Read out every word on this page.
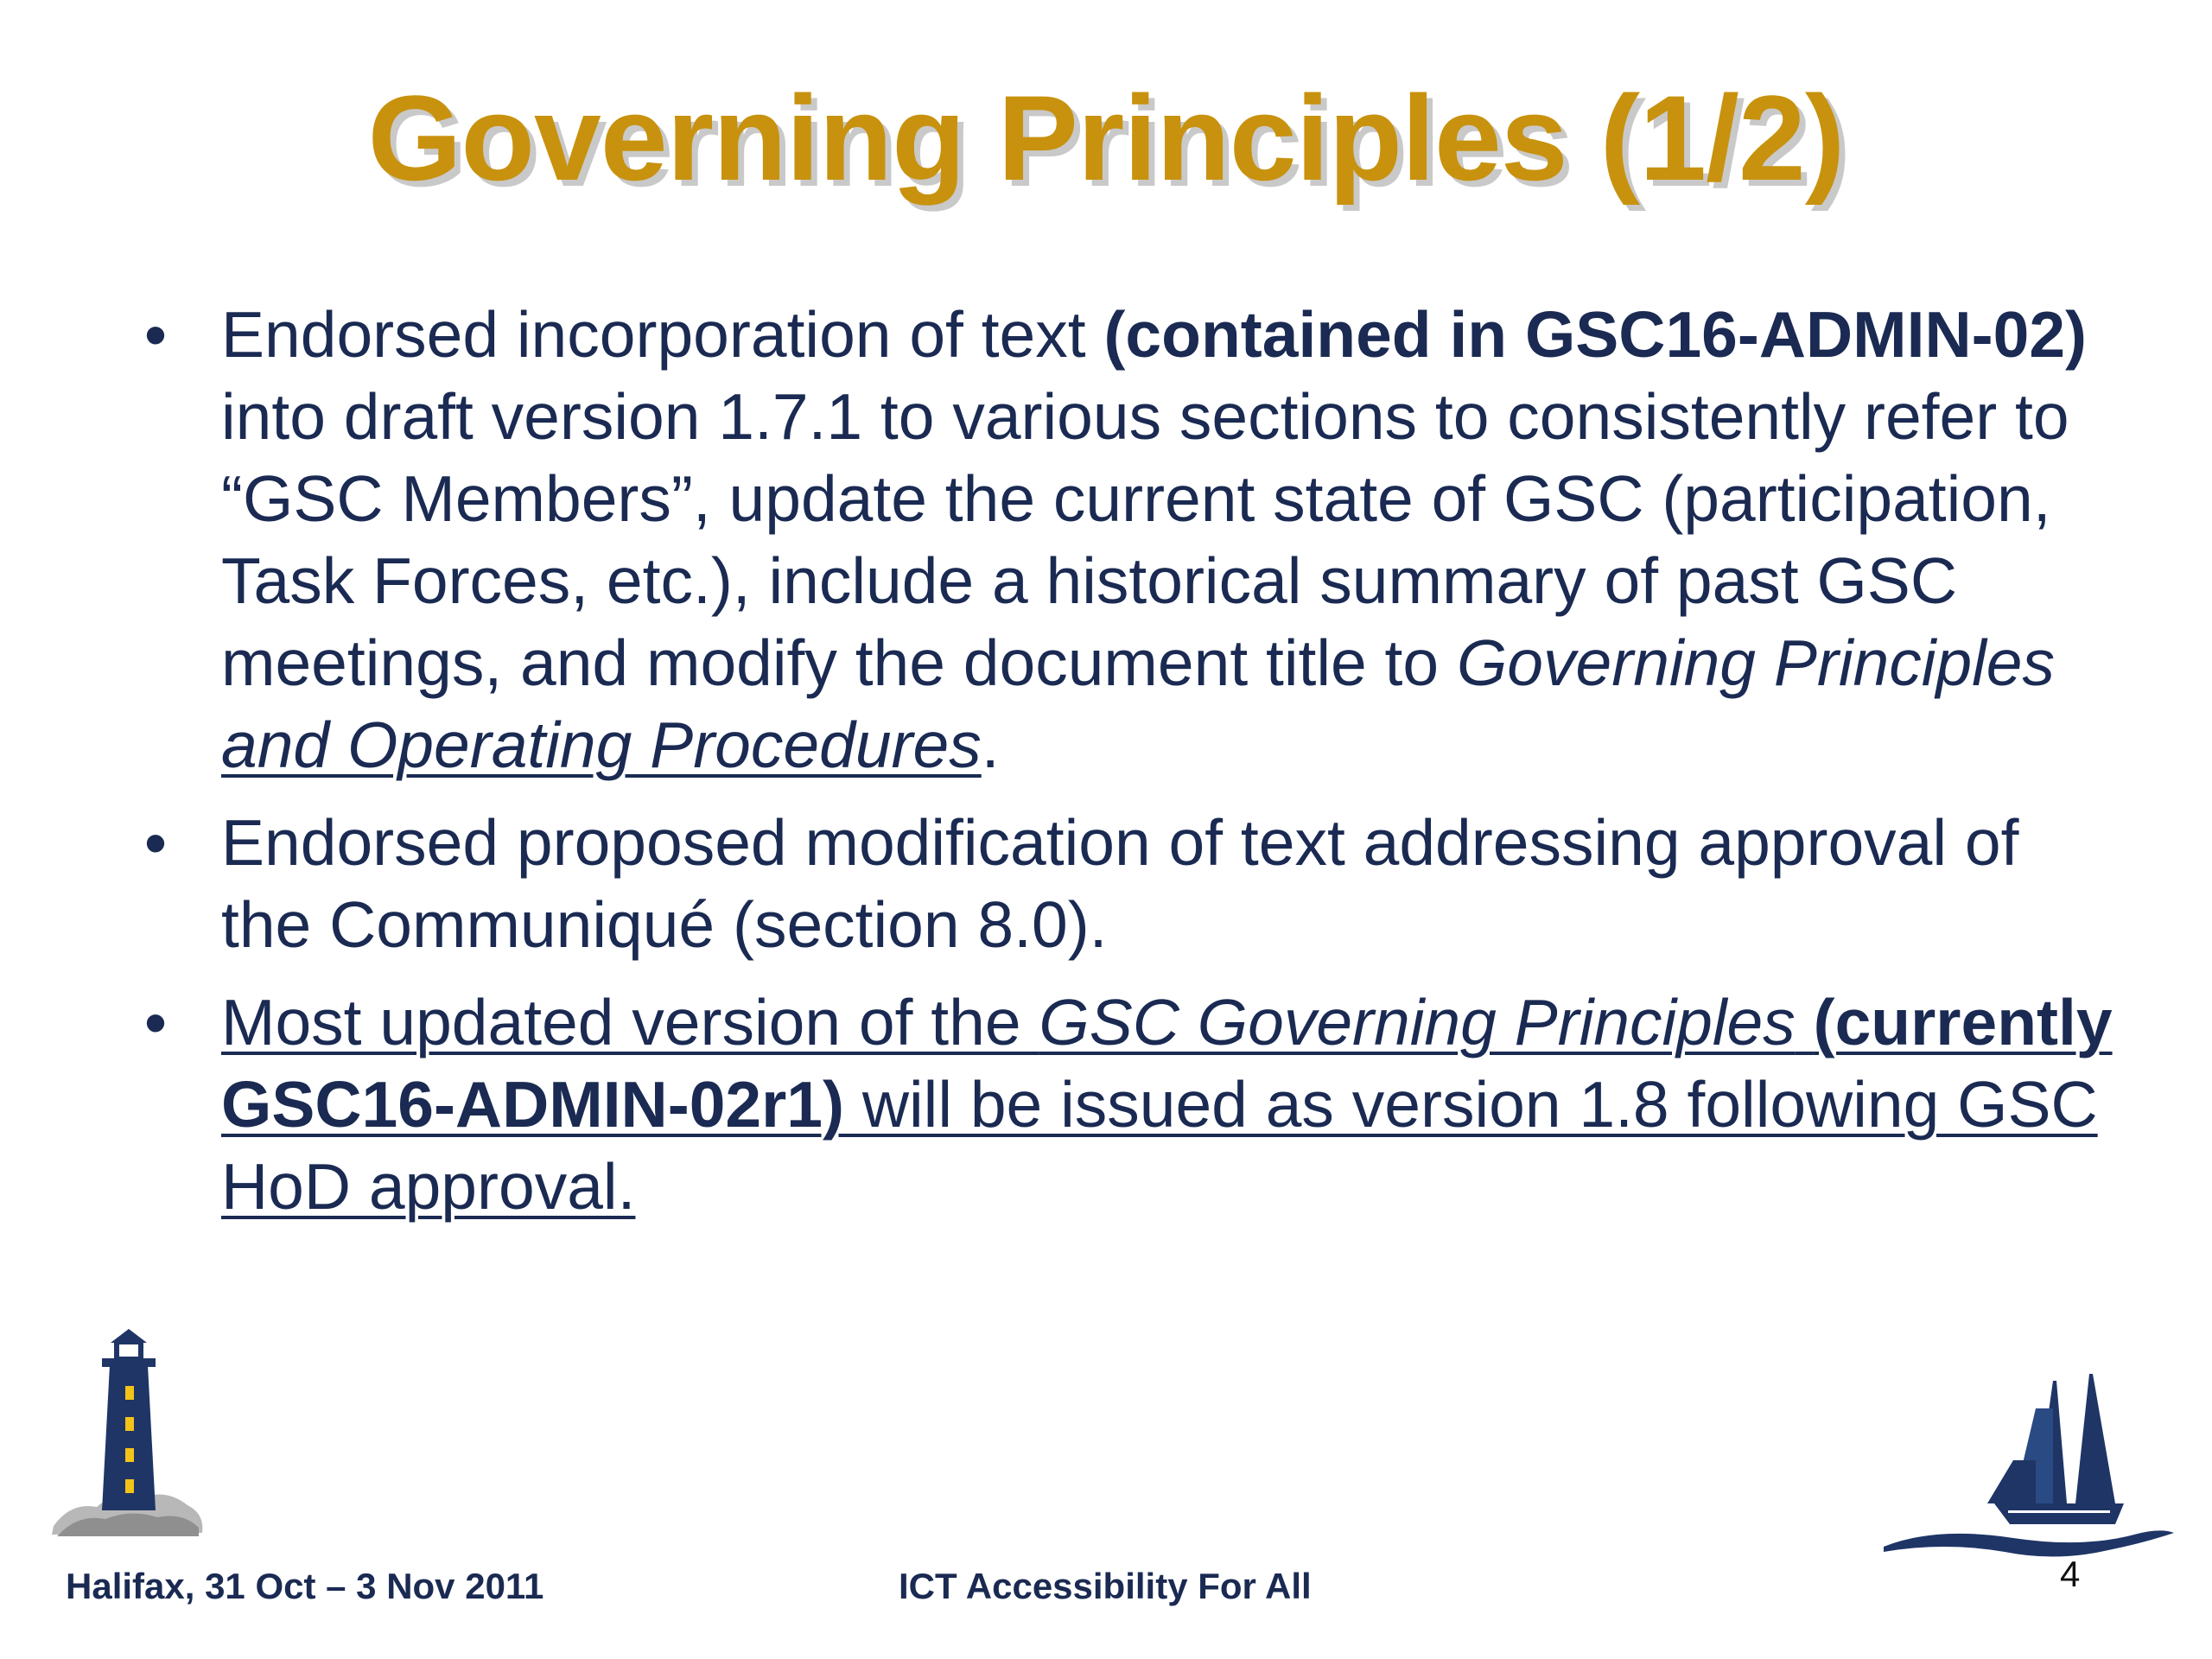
Governing Principles (1/2)
• Endorsed incorporation of text (contained in GSC16-ADMIN-02) into draft version 1.7.1 to various sections to consistently refer to “GSC Members”, update the current state of GSC (participation, Task Forces, etc.), include a historical summary of past GSC meetings, and modify the document title to Governing Principles and Operating Procedures.
• Endorsed proposed modification of text addressing approval of the Communiqué (section 8.0).
• Most updated version of the GSC Governing Principles (currently GSC16-ADMIN-02r1) will be issued as version 1.8 following GSC HoD approval.
Halifax, 31 Oct – 3 Nov 2011	ICT Accessibility For All	4
